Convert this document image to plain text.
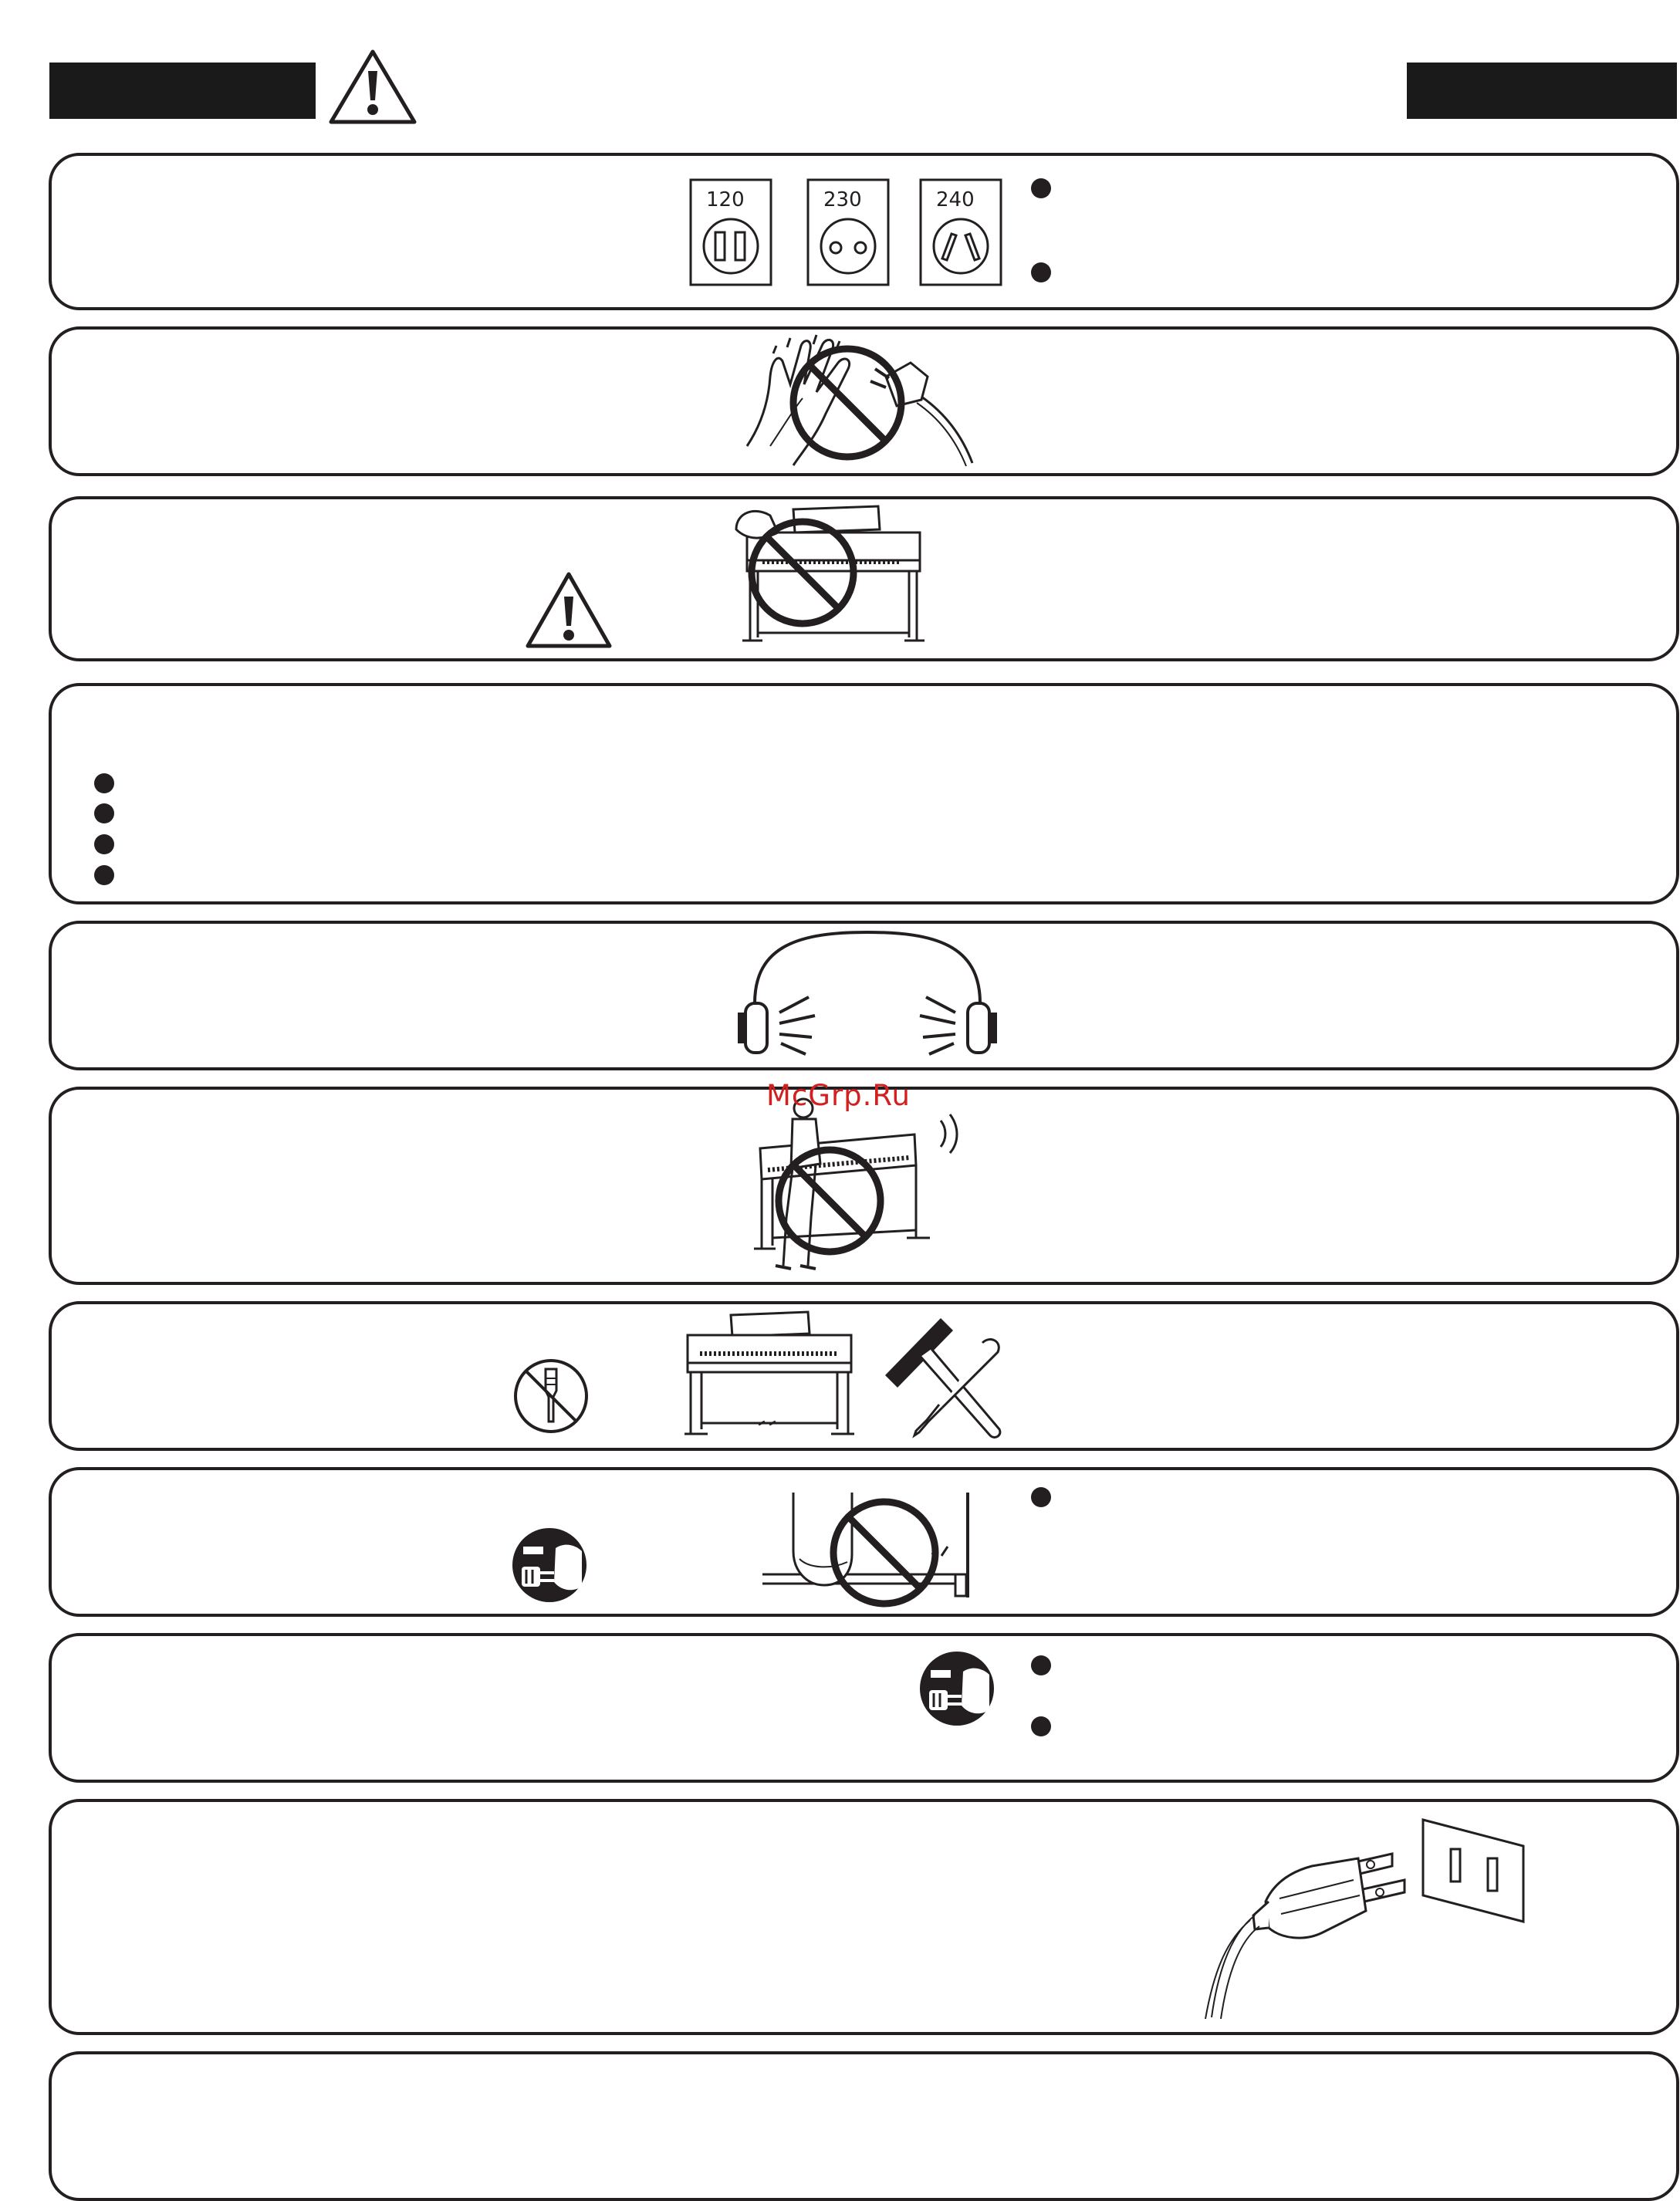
120	230	240
McGrp.Ru
